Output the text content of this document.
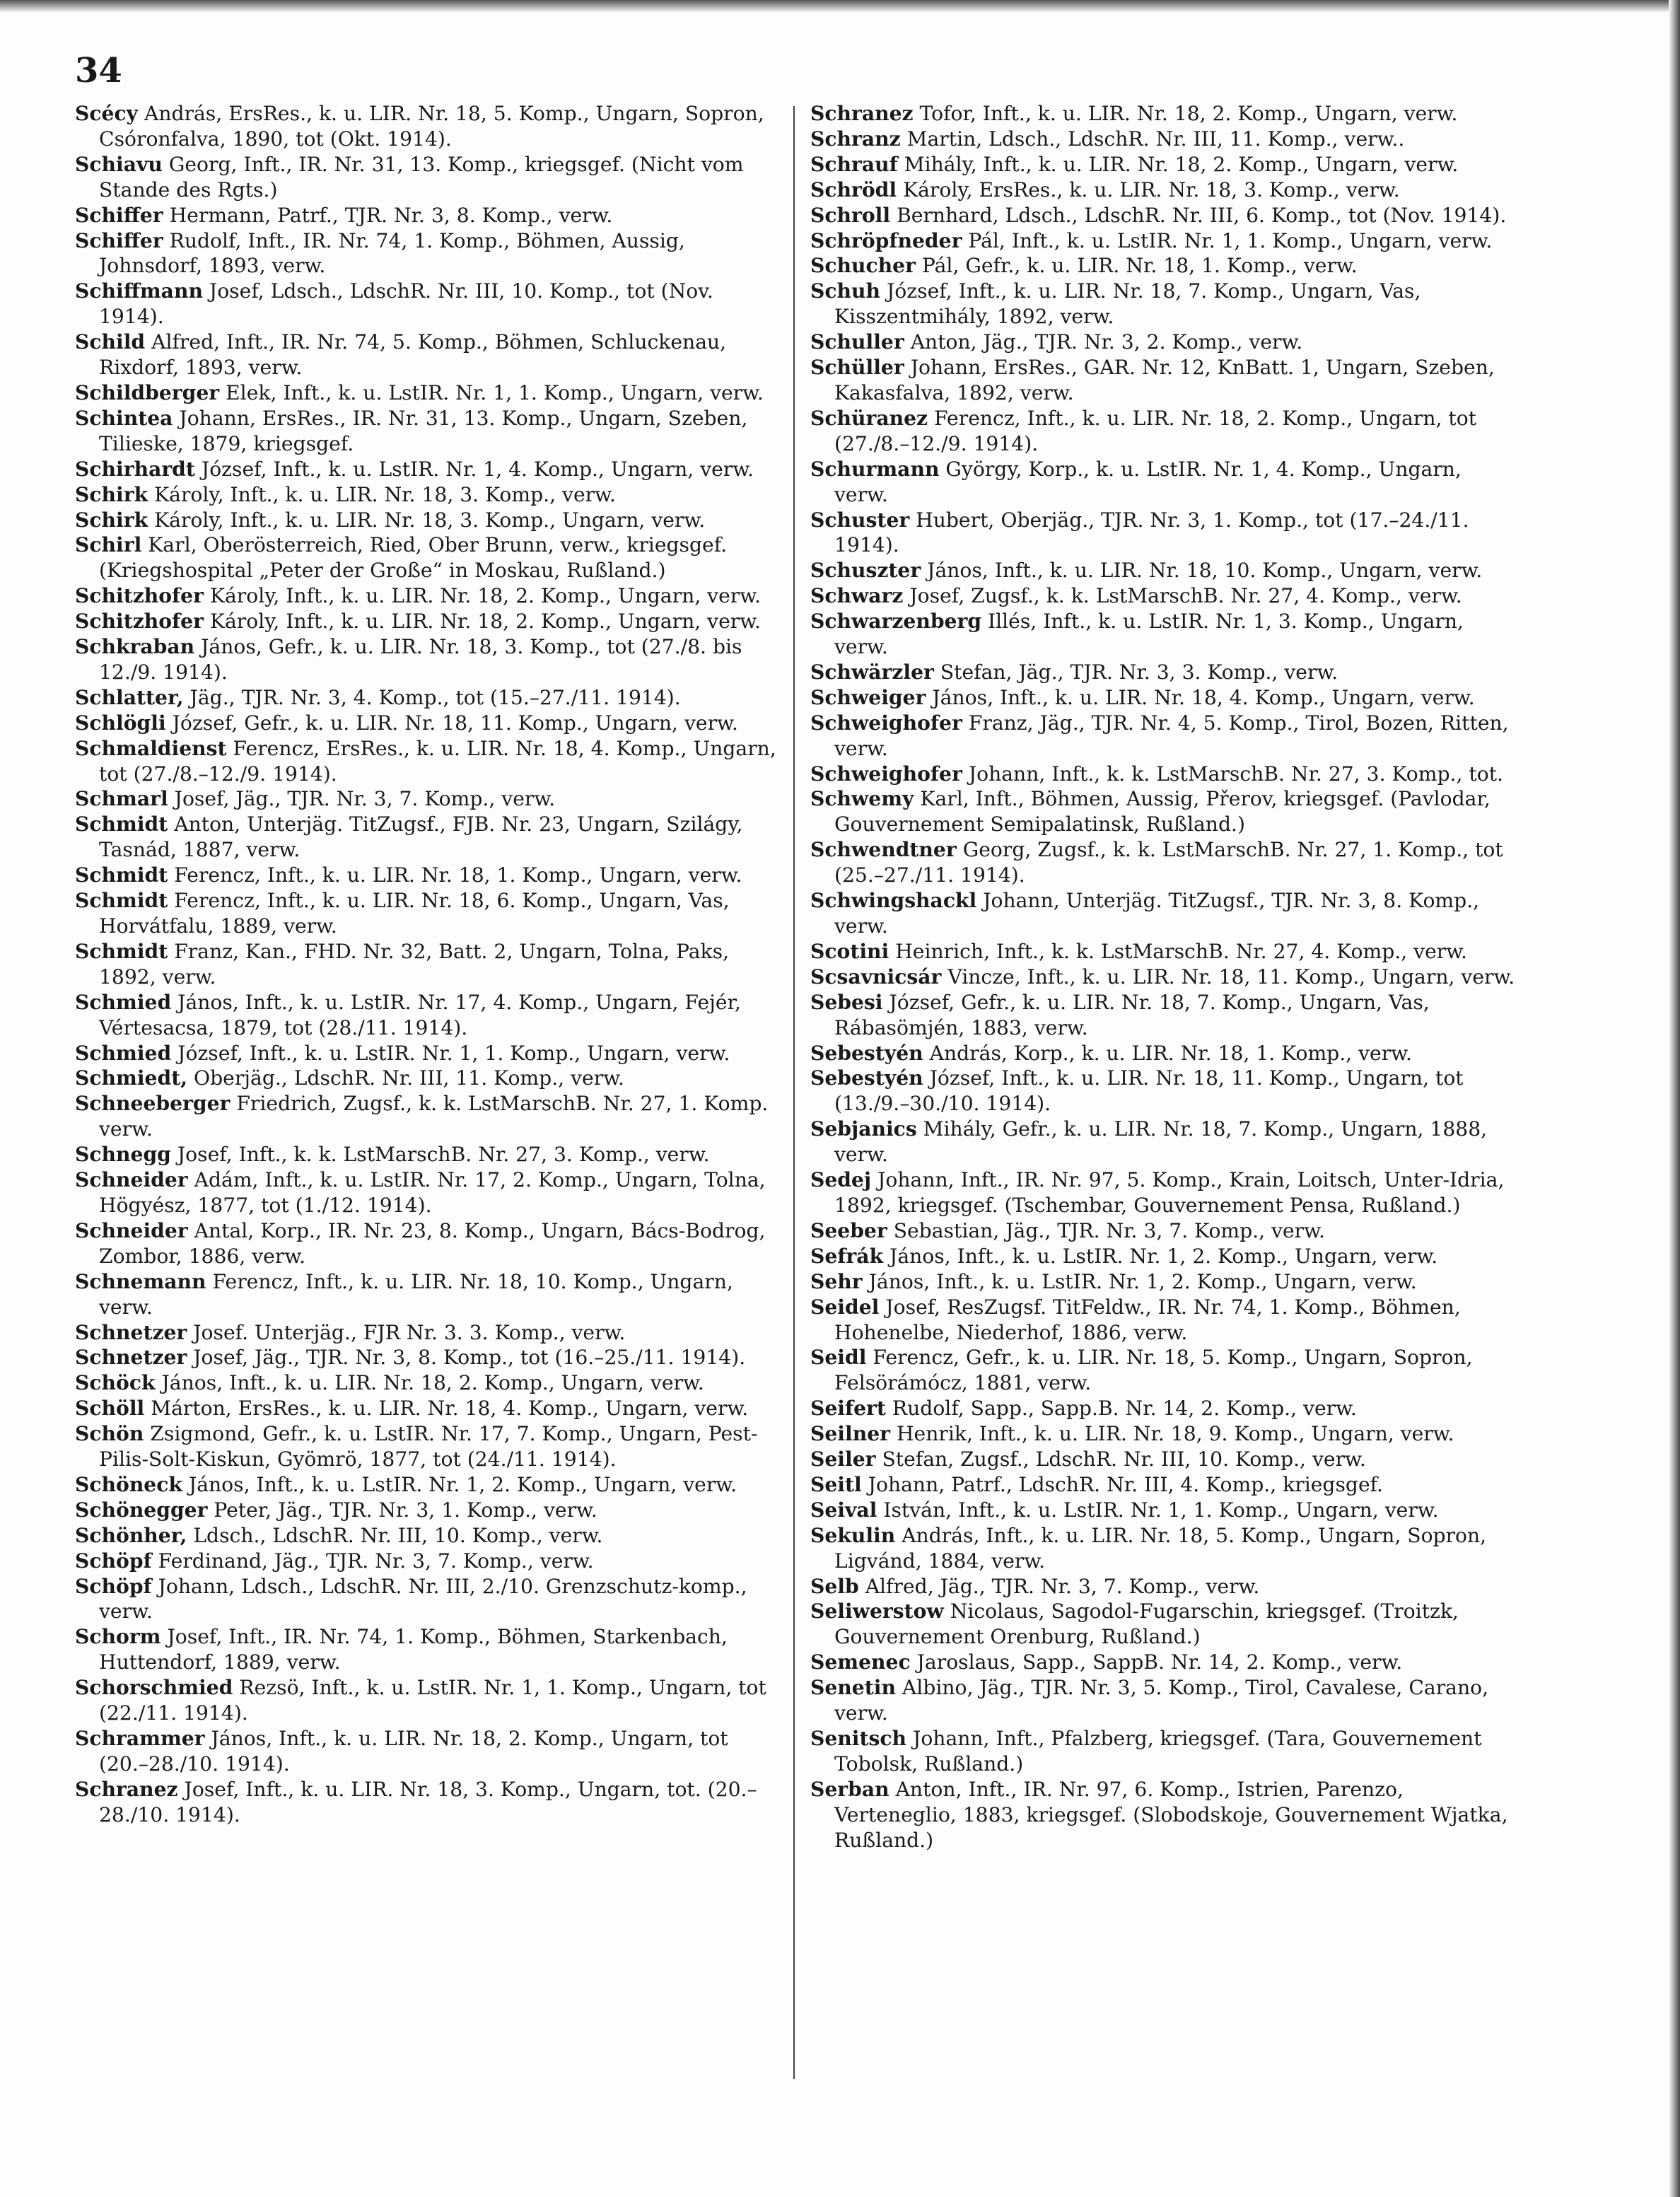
34
Scécy András, ErsRes., k. u. LIR. Nr. 18, 5. Komp., Ungarn, Sopron, Csóronfalva, 1890, tot (Okt. 1914).
Schiavu Georg, Inft., IR. Nr. 31, 13. Komp., kriegsgef. (Nicht vom Stande des Rgts.)
Schiffer Hermann, Patrf., TJR. Nr. 3, 8. Komp., verw.
Schiffer Rudolf, Inft., IR. Nr. 74, 1. Komp., Böhmen, Aussig, Johnsdorf, 1893, verw.
Schiffmann Josef, Ldsch., LdschR. Nr. III, 10. Komp., tot (Nov. 1914).
Schild Alfred, Inft., IR. Nr. 74, 5. Komp., Böhmen, Schluckenau, Rixdorf, 1893, verw.
Schildberger Elek, Inft., k. u. LstIR. Nr. 1, 1. Komp., Ungarn, verw.
Schintea Johann, ErsRes., IR. Nr. 31, 13. Komp., Ungarn, Szeben, Tilieske, 1879, kriegsgef.
Schirhardt József, Inft., k. u. LstIR. Nr. 1, 4. Komp., Ungarn, verw.
Schirk Károly, Inft., k. u. LIR. Nr. 18, 3. Komp., verw.
Schirk Károly, Inft., k. u. LIR. Nr. 18, 3. Komp., Ungarn, verw.
Schirl Karl, Oberösterreich, Ried, Ober Brunn, verw., kriegsgef. (Kriegshospital „Peter der Große“ in Moskau, Rußland.)
Schitzhofer Károly, Inft., k. u. LIR. Nr. 18, 2. Komp., Ungarn, verw.
Schitzhofer Károly, Inft., k. u. LIR. Nr. 18, 2. Komp., Ungarn, verw.
Schkraban János, Gefr., k. u. LIR. Nr. 18, 3. Komp., tot (27./8. bis 12./9. 1914).
Schlatter, Jäg., TJR. Nr. 3, 4. Komp., tot (15.–27./11. 1914).
Schlögli József, Gefr., k. u. LIR. Nr. 18, 11. Komp., Ungarn, verw.
Schmaldienst Ferencz, ErsRes., k. u. LIR. Nr. 18, 4. Komp., Ungarn, tot (27./8.–12./9. 1914).
Schmarl Josef, Jäg., TJR. Nr. 3, 7. Komp., verw.
Schmidt Anton, Unterjäg. TitZugsf., FJB. Nr. 23, Ungarn, Szilágy, Tasnád, 1887, verw.
Schmidt Ferencz, Inft., k. u. LIR. Nr. 18, 1. Komp., Ungarn, verw.
Schmidt Ferencz, Inft., k. u. LIR. Nr. 18, 6. Komp., Ungarn, Vas, Horvátfalu, 1889, verw.
Schmidt Franz, Kan., FHD. Nr. 32, Batt. 2, Ungarn, Tolna, Paks, 1892, verw.
Schmied János, Inft., k. u. LstIR. Nr. 17, 4. Komp., Ungarn, Fejér, Vértesacsa, 1879, tot (28./11. 1914).
Schmied József, Inft., k. u. LstIR. Nr. 1, 1. Komp., Ungarn, verw.
Schmiedt, Oberjäg., LdschR. Nr. III, 11. Komp., verw.
Schneeberger Friedrich, Zugsf., k. k. LstMarschB. Nr. 27, 1. Komp. verw.
Schnegg Josef, Inft., k. k. LstMarschB. Nr. 27, 3. Komp., verw.
Schneider Adám, Inft., k. u. LstIR. Nr. 17, 2. Komp., Ungarn, Tolna, Högyész, 1877, tot (1./12. 1914).
Schneider Antal, Korp., IR. Nr. 23, 8. Komp., Ungarn, Bács-Bodrog, Zombor, 1886, verw.
Schnemann Ferencz, Inft., k. u. LIR. Nr. 18, 10. Komp., Ungarn, verw.
Schnetzer Josef. Unterjäg., FJR Nr. 3. 3. Komp., verw.
Schnetzer Josef, Jäg., TJR. Nr. 3, 8. Komp., tot (16.–25./11. 1914).
Schöck János, Inft., k. u. LIR. Nr. 18, 2. Komp., Ungarn, verw.
Schöll Márton, ErsRes., k. u. LIR. Nr. 18, 4. Komp., Ungarn, verw.
Schön Zsigmond, Gefr., k. u. LstIR. Nr. 17, 7. Komp., Ungarn, Pest-Pilis-Solt-Kiskun, Gyömrö, 1877, tot (24./11. 1914).
Schöneck János, Inft., k. u. LstIR. Nr. 1, 2. Komp., Ungarn, verw.
Schönegger Peter, Jäg., TJR. Nr. 3, 1. Komp., verw.
Schönher, Ldsch., LdschR. Nr. III, 10. Komp., verw.
Schöpf Ferdinand, Jäg., TJR. Nr. 3, 7. Komp., verw.
Schöpf Johann, Ldsch., LdschR. Nr. III, 2./10. Grenzschutz-komp., verw.
Schorm Josef, Inft., IR. Nr. 74, 1. Komp., Böhmen, Starkenbach, Huttendorf, 1889, verw.
Schorschmied Rezsö, Inft., k. u. LstIR. Nr. 1, 1. Komp., Ungarn, tot (22./11. 1914).
Schrammer János, Inft., k. u. LIR. Nr. 18, 2. Komp., Ungarn, tot (20.–28./10. 1914).
Schranez Josef, Inft., k. u. LIR. Nr. 18, 3. Komp., Ungarn, tot. (20.–28./10. 1914).
Schranez Tofor, Inft., k. u. LIR. Nr. 18, 2. Komp., Ungarn, verw.
Schranz Martin, Ldsch., LdschR. Nr. III, 11. Komp., verw..
Schrauf Mihály, Inft., k. u. LIR. Nr. 18, 2. Komp., Ungarn, verw.
Schrödl Károly, ErsRes., k. u. LIR. Nr. 18, 3. Komp., verw.
Schroll Bernhard, Ldsch., LdschR. Nr. III, 6. Komp., tot (Nov. 1914).
Schröpfneder Pál, Inft., k. u. LstIR. Nr. 1, 1. Komp., Ungarn, verw.
Schucher Pál, Gefr., k. u. LIR. Nr. 18, 1. Komp., verw.
Schuh József, Inft., k. u. LIR. Nr. 18, 7. Komp., Ungarn, Vas, Kisszentmihály, 1892, verw.
Schuller Anton, Jäg., TJR. Nr. 3, 2. Komp., verw.
Schüller Johann, ErsRes., GAR. Nr. 12, KnBatt. 1, Ungarn, Szeben, Kakasfalva, 1892, verw.
Schüranez Ferencz, Inft., k. u. LIR. Nr. 18, 2. Komp., Ungarn, tot (27./8.–12./9. 1914).
Schurmann György, Korp., k. u. LstIR. Nr. 1, 4. Komp., Ungarn, verw.
Schuster Hubert, Oberjäg., TJR. Nr. 3, 1. Komp., tot (17.–24./11. 1914).
Schuszter János, Inft., k. u. LIR. Nr. 18, 10. Komp., Ungarn, verw.
Schwarz Josef, Zugsf., k. k. LstMarschB. Nr. 27, 4. Komp., verw.
Schwarzenberg Illés, Inft., k. u. LstIR. Nr. 1, 3. Komp., Ungarn, verw.
Schwärzler Stefan, Jäg., TJR. Nr. 3, 3. Komp., verw.
Schweiger János, Inft., k. u. LIR. Nr. 18, 4. Komp., Ungarn, verw.
Schweighofer Franz, Jäg., TJR. Nr. 4, 5. Komp., Tirol, Bozen, Ritten, verw.
Schweighofer Johann, Inft., k. k. LstMarschB. Nr. 27, 3. Komp., tot.
Schwemy Karl, Inft., Böhmen, Aussig, Přerov, kriegsgef. (Pavlodar, Gouvernement Semipalatinsk, Rußland.)
Schwendtner Georg, Zugsf., k. k. LstMarschB. Nr. 27, 1. Komp., tot (25.–27./11. 1914).
Schwingshackl Johann, Unterjäg. TitZugsf., TJR. Nr. 3, 8. Komp., verw.
Scotini Heinrich, Inft., k. k. LstMarschB. Nr. 27, 4. Komp., verw.
Scsavnicsár Vincze, Inft., k. u. LIR. Nr. 18, 11. Komp., Ungarn, verw.
Sebesi József, Gefr., k. u. LIR. Nr. 18, 7. Komp., Ungarn, Vas, Rábasömjén, 1883, verw.
Sebestyén András, Korp., k. u. LIR. Nr. 18, 1. Komp., verw.
Sebestyén József, Inft., k. u. LIR. Nr. 18, 11. Komp., Ungarn, tot (13./9.–30./10. 1914).
Sebjanics Mihály, Gefr., k. u. LIR. Nr. 18, 7. Komp., Ungarn, 1888, verw.
Sedej Johann, Inft., IR. Nr. 97, 5. Komp., Krain, Loitsch, Unter-Idria, 1892, kriegsgef. (Tschembar, Gouvernement Pensa, Rußland.)
Seeber Sebastian, Jäg., TJR. Nr. 3, 7. Komp., verw.
Sefrák János, Inft., k. u. LstIR. Nr. 1, 2. Komp., Ungarn, verw.
Sehr János, Inft., k. u. LstIR. Nr. 1, 2. Komp., Ungarn, verw.
Seidel Josef, ResZugsf. TitFeldw., IR. Nr. 74, 1. Komp., Böhmen, Hohenelbe, Niederhof, 1886, verw.
Seidl Ferencz, Gefr., k. u. LIR. Nr. 18, 5. Komp., Ungarn, Sopron, Felsörámócz, 1881, verw.
Seifert Rudolf, Sapp., Sapp.B. Nr. 14, 2. Komp., verw.
Seilner Henrik, Inft., k. u. LIR. Nr. 18, 9. Komp., Ungarn, verw.
Seiler Stefan, Zugsf., LdschR. Nr. III, 10. Komp., verw.
Seitl Johann, Patrf., LdschR. Nr. III, 4. Komp., kriegsgef.
Seival István, Inft., k. u. LstIR. Nr. 1, 1. Komp., Ungarn, verw.
Sekulin András, Inft., k. u. LIR. Nr. 18, 5. Komp., Ungarn, Sopron, Ligvánd, 1884, verw.
Selb Alfred, Jäg., TJR. Nr. 3, 7. Komp., verw.
Seliwerstow Nicolaus, Sagodol-Fugarschin, kriegsgef. (Troitzk, Gouvernement Orenburg, Rußland.)
Semenec Jaroslaus, Sapp., SappB. Nr. 14, 2. Komp., verw.
Senetin Albino, Jäg., TJR. Nr. 3, 5. Komp., Tirol, Cavalese, Carano, verw.
Senitsch Johann, Inft., Pfalzberg, kriegsgef. (Tara, Gouvernement Tobolsk, Rußland.)
Serban Anton, Inft., IR. Nr. 97, 6. Komp., Istrien, Parenzo, Verteneglio, 1883, kriegsgef. (Slobodskoje, Gouvernement Wjatka, Rußland.)
